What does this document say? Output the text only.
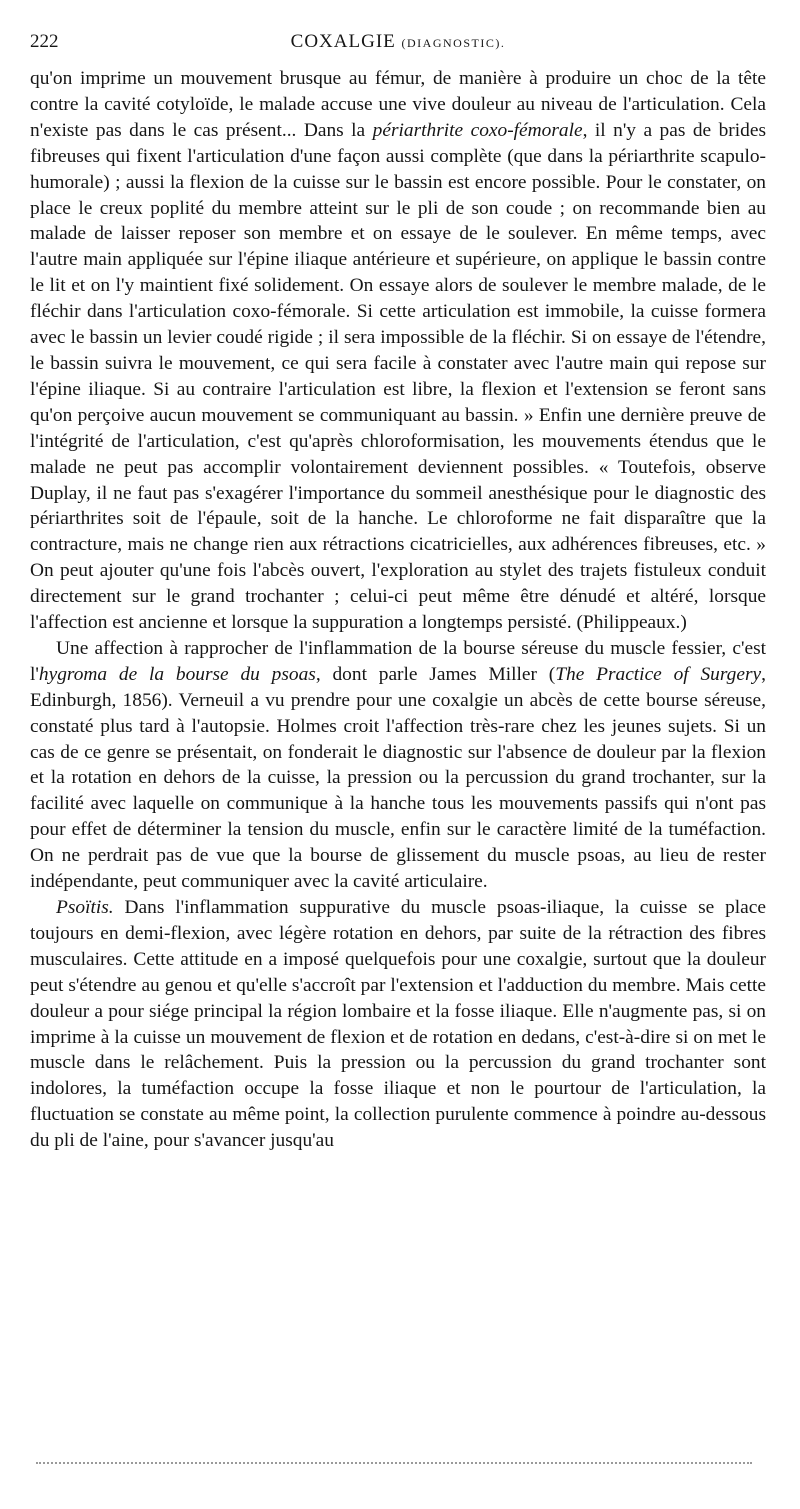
222	COXALGIE (DIAGNOSTIC).

qu'on imprime un mouvement brusque au fémur, de manière à produire un choc de la tête contre la cavité cotyloïde, le malade accuse une vive douleur au niveau de l'articulation. Cela n'existe pas dans le cas présent... Dans la périarthrite coxo-fémorale, il n'y a pas de brides fibreuses qui fixent l'articulation d'une façon aussi complète (que dans la périarthrite scapulo-humorale) ; aussi la flexion de la cuisse sur le bassin est encore possible. Pour le constater, on place le creux poplité du membre atteint sur le pli de son coude ; on recommande bien au malade de laisser reposer son membre et on essaye de le soulever. En même temps, avec l'autre main appliquée sur l'épine iliaque antérieure et supérieure, on applique le bassin contre le lit et on l'y maintient fixé solidement. On essaye alors de soulever le membre malade, de le fléchir dans l'articulation coxo-fémorale. Si cette articulation est immobile, la cuisse formera avec le bassin un levier coudé rigide ; il sera impossible de la fléchir. Si on essaye de l'étendre, le bassin suivra le mouvement, ce qui sera facile à constater avec l'autre main qui repose sur l'épine iliaque. Si au contraire l'articulation est libre, la flexion et l'extension se feront sans qu'on perçoive aucun mouvement se communiquant au bassin. » Enfin une dernière preuve de l'intégrité de l'articulation, c'est qu'après chloroformisation, les mouvements étendus que le malade ne peut pas accomplir volontairement deviennent possibles. « Toutefois, observe Duplay, il ne faut pas s'exagérer l'importance du sommeil anesthésique pour le diagnostic des périarthrites soit de l'épaule, soit de la hanche. Le chloroforme ne fait disparaître que la contracture, mais ne change rien aux rétractions cicatricielles, aux adhérences fibreuses, etc. » On peut ajouter qu'une fois l'abcès ouvert, l'exploration au stylet des trajets fistuleux conduit directement sur le grand trochanter ; celui-ci peut même être dénudé et altéré, lorsque l'affection est ancienne et lorsque la suppuration a longtemps persisté. (Philippeaux.)

Une affection à rapprocher de l'inflammation de la bourse séreuse du muscle fessier, c'est l'hygroma de la bourse du psoas, dont parle James Miller (The Practice of Surgery, Edinburgh, 1856). Verneuil a vu prendre pour une coxalgie un abcès de cette bourse séreuse, constaté plus tard à l'autopsie. Holmes croit l'affection très-rare chez les jeunes sujets. Si un cas de ce genre se présentait, on fonderait le diagnostic sur l'absence de douleur par la flexion et la rotation en dehors de la cuisse, la pression ou la percussion du grand trochanter, sur la facilité avec laquelle on communique à la hanche tous les mouvements passifs qui n'ont pas pour effet de déterminer la tension du muscle, enfin sur le caractère limité de la tuméfaction. On ne perdrait pas de vue que la bourse de glissement du muscle psoas, au lieu de rester indépendante, peut communiquer avec la cavité articulaire.

Psoïtis. Dans l'inflammation suppurative du muscle psoas-iliaque, la cuisse se place toujours en demi-flexion, avec légère rotation en dehors, par suite de la rétraction des fibres musculaires. Cette attitude en a imposé quelquefois pour une coxalgie, surtout que la douleur peut s'étendre au genou et qu'elle s'accroît par l'extension et l'adduction du membre. Mais cette douleur a pour siége principal la région lombaire et la fosse iliaque. Elle n'augmente pas, si on imprime à la cuisse un mouvement de flexion et de rotation en dedans, c'est-à-dire si on met le muscle dans le relâchement. Puis la pression ou la percussion du grand trochanter sont indolores, la tuméfaction occupe la fosse iliaque et non le pourtour de l'articulation, la fluctuation se constate au même point, la collection purulente commence à poindre au-dessous du pli de l'aine, pour s'avancer jusqu'au
